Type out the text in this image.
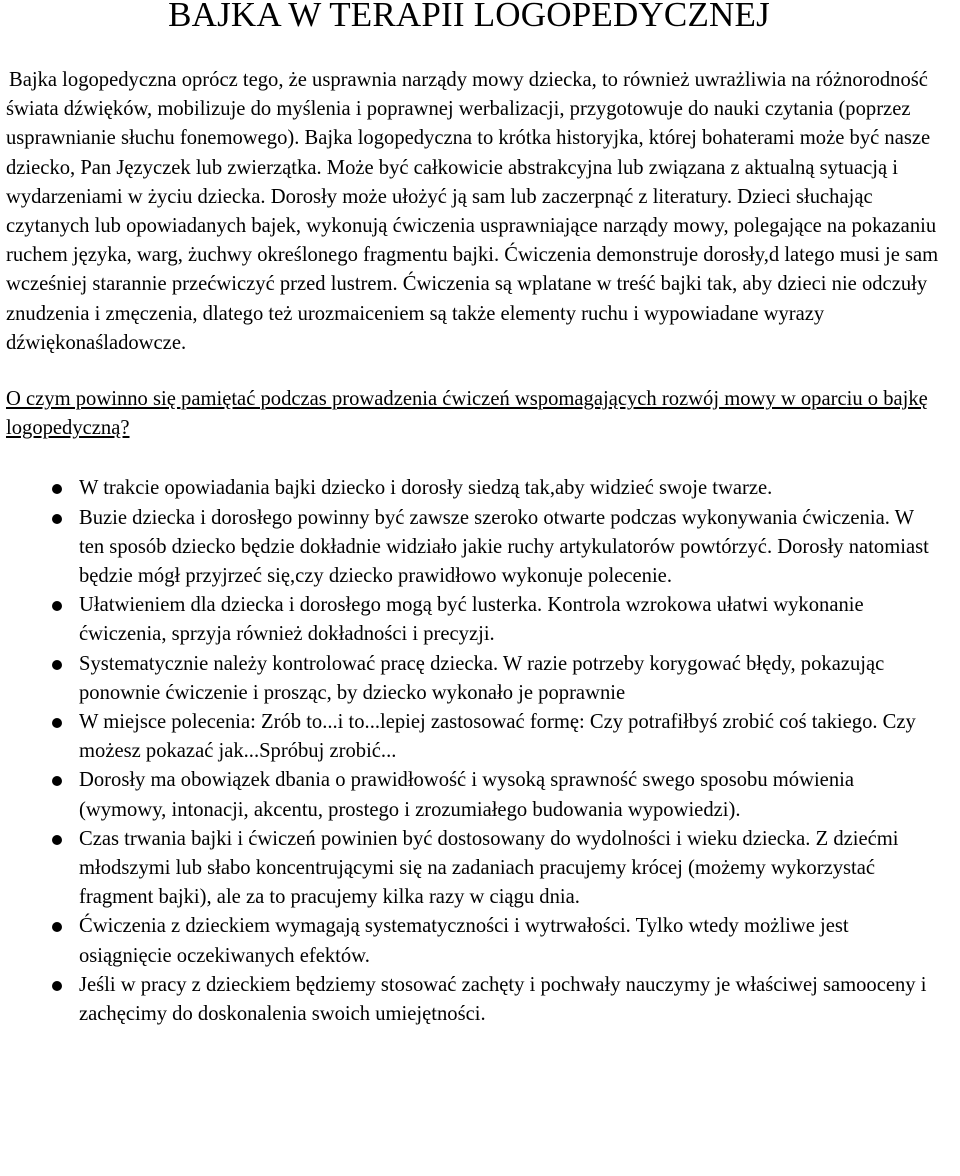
BAJKA W TERAPII LOGOPEDYCZNEJ

Bajka logopedyczna oprócz tego, że usprawnia narządy mowy dziecka, to również uwrażliwia na różnorodność świata dźwięków, mobilizuje do myślenia i poprawnej werbalizacji, przygotowuje do nauki czytania (poprzez usprawnianie słuchu fonemowego). Bajka logopedyczna to krótka historyjka, której bohaterami może być nasze dziecko, Pan Języczek lub zwierzątka. Może być całkowicie abstrakcyjna lub związana z aktualną sytuacją i wydarzeniami w życiu dziecka. Dorosły może ułożyć ją sam lub zaczerpnąć z literatury. Dzieci słuchając czytanych lub opowiadanych bajek, wykonują ćwiczenia usprawniające narządy mowy, polegające na pokazaniu ruchem języka, warg, żuchwy określonego fragmentu bajki. Ćwiczenia demonstruje dorosły,d latego musi je sam wcześniej starannie przećwiczyć przed lustrem. Ćwiczenia są wplatane w treść bajki tak, aby dzieci nie odczuły znudzenia i zmęczenia, dlatego też urozmaiceniem są także elementy ruchu i wypowiadane wyrazy dźwiękonaśladowcze.

O czym powinno się pamiętać podczas prowadzenia ćwiczeń wspomagających rozwój mowy w oparciu o bajkę logopedyczną?

W trakcie opowiadania bajki dziecko i dorosły siedzą tak,aby widzieć swoje twarze.
Buzie dziecka i dorosłego powinny być zawsze szeroko otwarte podczas wykonywania ćwiczenia. W ten sposób dziecko będzie dokładnie widziało jakie ruchy artykulatorów powtórzyć. Dorosły natomiast będzie mógł przyjrzeć się,czy dziecko prawidłowo wykonuje polecenie.
Ułatwieniem dla dziecka i dorosłego mogą być lusterka. Kontrola wzrokowa ułatwi wykonanie ćwiczenia, sprzyja również dokładności i precyzji.
Systematycznie należy kontrolować pracę dziecka. W razie potrzeby korygować błędy, pokazując ponownie ćwiczenie i prosząc, by dziecko wykonało je poprawnie
W miejsce polecenia: Zrób to...i to...lepiej zastosować formę: Czy potrafiłbyś zrobić coś takiego. Czy możesz pokazać jak...Spróbuj zrobić...
Dorosły ma obowiązek dbania o prawidłowość i wysoką sprawność swego sposobu mówienia (wymowy, intonacji, akcentu, prostego i zrozumiałego budowania wypowiedzi).
Czas trwania bajki i ćwiczeń powinien być dostosowany do wydolności i wieku dziecka. Z dziećmi młodszymi lub słabo koncentrującymi się na zadaniach pracujemy krócej (możemy wykorzystać fragment bajki), ale za to pracujemy kilka razy w ciągu dnia.
Ćwiczenia z dzieckiem wymagają systematyczności i wytrwałości. Tylko wtedy możliwe jest osiągnięcie oczekiwanych efektów.
Jeśli w pracy z dzieckiem będziemy stosować zachęty i pochwały nauczymy je właściwej samooceny i zachęcimy do doskonalenia swoich umiejętności.
